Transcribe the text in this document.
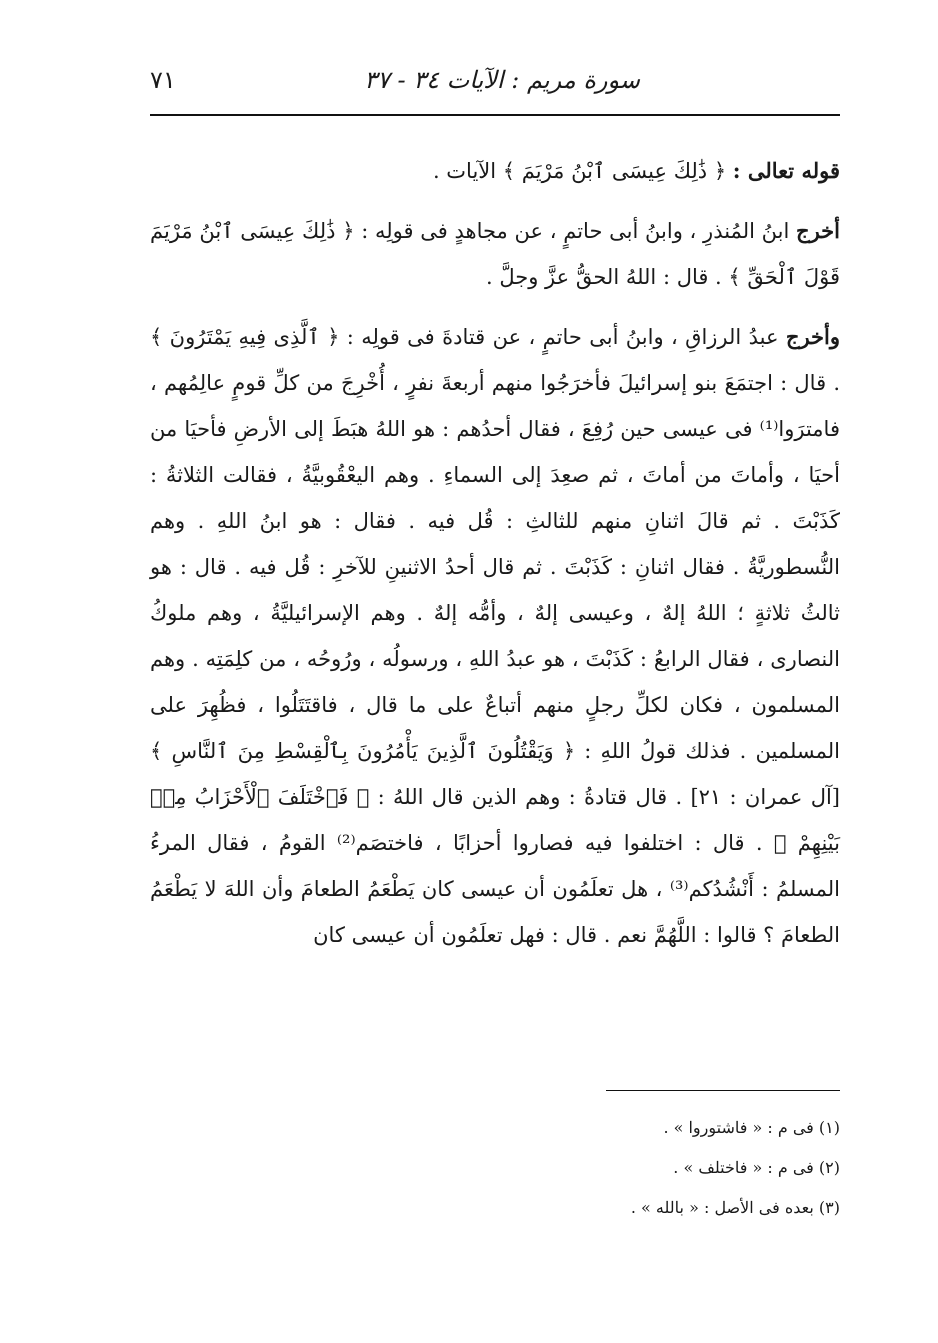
سورة مريم : الآيات ٣٤ - ٣٧
٧١

قوله تعالى : ﴿ ذَٰلِكَ عِيسَى ٱبْنُ مَرْيَمَ ﴾ الآيات .

أخرج ابنُ المُنذرِ ، وابنُ أبى حاتمٍ ، عن مجاهدٍ فى قولِه : ﴿ ذَٰلِكَ عِيسَى ٱبْنُ مَرْيَمَ قَوْلَ ٱلْحَقِّ ﴾ . قال : اللهُ الحقُّ عزَّ وجلَّ .

وأخرج عبدُ الرزاقِ ، وابنُ أبى حاتمٍ ، عن قتادةَ فى قولِه : ﴿ ٱلَّذِى فِيهِ يَمْتَرُونَ ﴾ . قال : اجتمَعَ بنو إسرائيلَ فأخرَجُوا منهم أربعةَ نفرٍ ، أُخْرِجَ من كلِّ قومٍ عالِمُهم ، فامترَوا⁽¹⁾ فى عيسى حين رُفِعَ ، فقال أحدُهم : هو اللهُ هبَطَ إلى الأرضِ فأحيَا من أحيَا ، وأماتَ من أماتَ ، ثم صعِدَ إلى السماءِ . وهم اليعْقُوبيَّةُ ، فقالت الثلاثةُ : كَذَبْتَ . ثم قالَ اثنانِ منهم للثالثِ : قُل فيه . فقال : هو ابنُ اللهِ . وهم النُّسطوريَّةُ . فقال اثنانِ : كَذَبْتَ . ثم قال أحدُ الاثنينِ للآخرِ : قُل فيه . قال : هو ثالثُ ثلاثةٍ ؛ اللهُ إلهٌ ، وعيسى إلهٌ ، وأمُّه إلهٌ . وهم الإسرائيليَّةُ ، وهم ملوكُ النصارى ، فقال الرابعُ : كَذَبْتَ ، هو عبدُ اللهِ ، ورسولُه ، ورُوحُه ، من كلِمَتِه . وهم المسلمون ، فكان لكلِّ رجلٍ منهم أتباعٌ على ما قال ، فاقتَتَلُوا ، فظُهِرَ على المسلمين . فذلك قولُ اللهِ : ﴿ وَيَقْتُلُونَ ٱلَّذِينَ يَأْمُرُونَ بِٱلْقِسْطِ مِنَ ٱلنَّاسِ ﴾ [آل عمران : ٢١] . قال قتادةُ : وهم الذين قال اللهُ : ﴿ فَٱخْتَلَفَ ٱلْأَحْزَابُ مِنۢ بَيْنِهِمْ ﴾ . قال : اختلفوا فيه فصاروا أحزابًا ، فاختصَم⁽²⁾ القومُ ، فقال المرءُ المسلمُ : أَنْشُدُكم⁽³⁾ ، هل تعلَمُون أن عيسى كان يَطْعَمُ الطعامَ وأن اللهَ لا يَطْعَمُ الطعامَ ؟ قالوا : اللَّهُمَّ نعم . قال : فهل تعلَمُون أن عيسى كان

(١) فى م : « فاشتوروا » .

(٢) فى م : « فاختلف » .

(٣) بعده فى الأصل : « بالله » .
